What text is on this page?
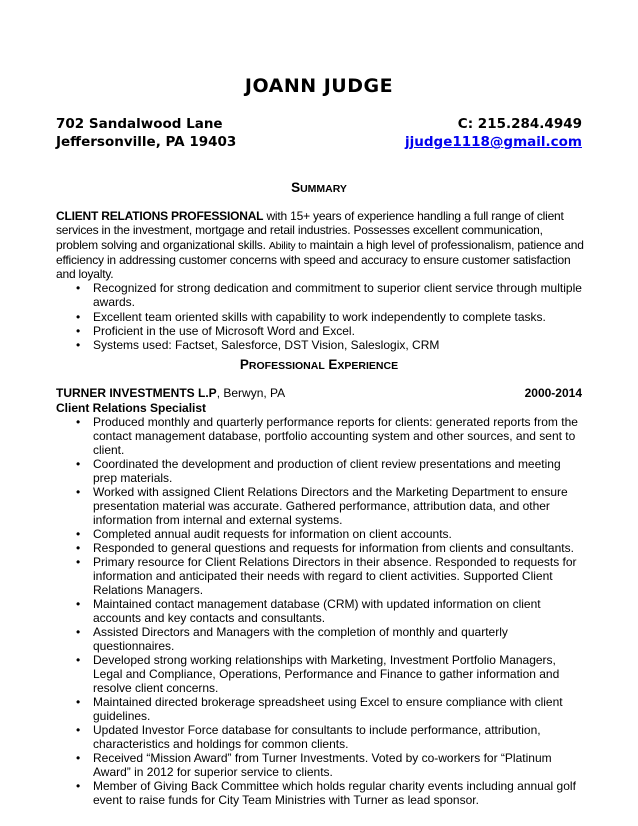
JOANN JUDGE
702 Sandalwood Lane	C: 215.284.4949
Jeffersonville, PA 19403	jjudge1118@gmail.com
SUMMARY
CLIENT RELATIONS PROFESSIONAL with 15+ years of experience handling a full range of client services in the investment, mortgage and retail industries. Possesses excellent communication, problem solving and organizational skills. Ability to maintain a high level of professionalism, patience and efficiency in addressing customer concerns with speed and accuracy to ensure customer satisfaction and loyalty.
• Recognized for strong dedication and commitment to superior client service through multiple awards.
• Excellent team oriented skills with capability to work independently to complete tasks.
• Proficient in the use of Microsoft Word and Excel.
• Systems used: Factset, Salesforce, DST Vision, Saleslogix, CRM
PROFESSIONAL EXPERIENCE
TURNER INVESTMENTS L.P, Berwyn, PA	2000-2014
Client Relations Specialist
• Produced monthly and quarterly performance reports for clients: generated reports from the contact management database, portfolio accounting system and other sources, and sent to client.
• Coordinated the development and production of client review presentations and meeting prep materials.
• Worked with assigned Client Relations Directors and the Marketing Department to ensure presentation material was accurate. Gathered performance, attribution data, and other information from internal and external systems.
• Completed annual audit requests for information on client accounts.
• Responded to general questions and requests for information from clients and consultants.
• Primary resource for Client Relations Directors in their absence. Responded to requests for information and anticipated their needs with regard to client activities. Supported Client Relations Managers.
• Maintained contact management database (CRM) with updated information on client accounts and key contacts and consultants.
• Assisted Directors and Managers with the completion of monthly and quarterly questionnaires.
• Developed strong working relationships with Marketing, Investment Portfolio Managers, Legal and Compliance, Operations, Performance and Finance to gather information and resolve client concerns.
• Maintained directed brokerage spreadsheet using Excel to ensure compliance with client guidelines.
• Updated Investor Force database for consultants to include performance, attribution, characteristics and holdings for common clients.
• Received “Mission Award” from Turner Investments. Voted by co-workers for “Platinum Award” in 2012 for superior service to clients.
• Member of Giving Back Committee which holds regular charity events including annual golf event to raise funds for City Team Ministries with Turner as lead sponsor.
